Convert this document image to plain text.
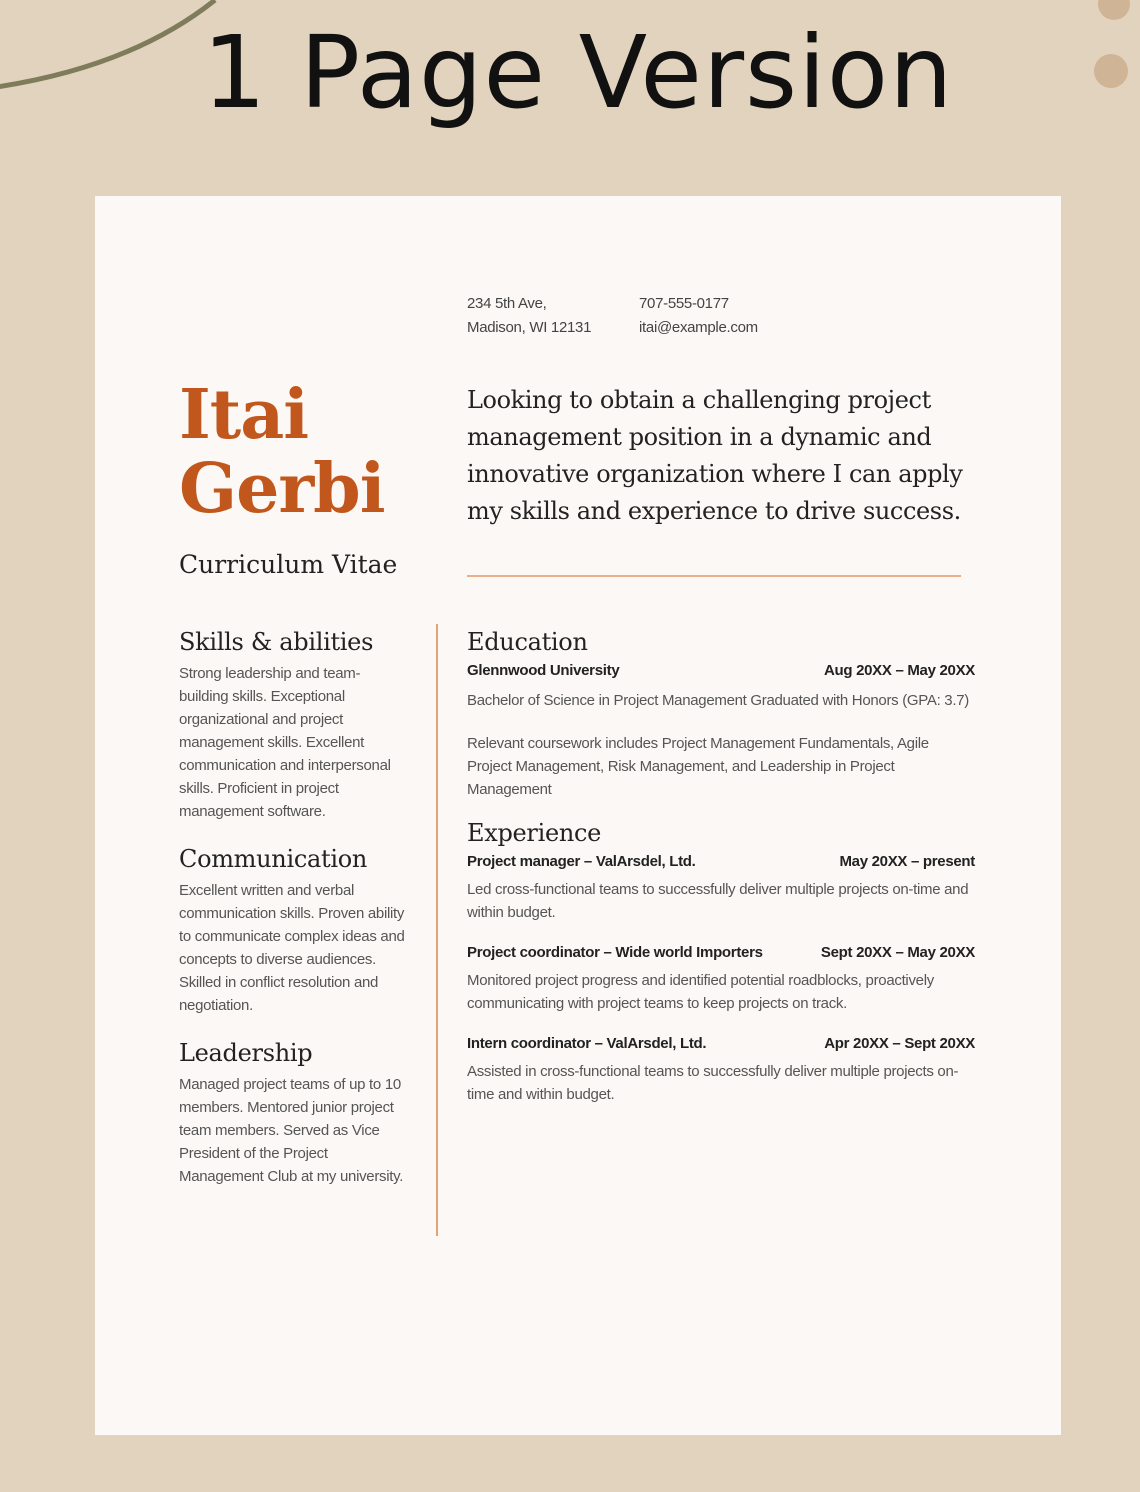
1 Page Version
234 5th Ave,
Madison, WI 12131
707-555-0177
itai@example.com
Itai
Gerbi
Curriculum Vitae
Looking to obtain a challenging project management position in a dynamic and innovative organization where I can apply my skills and experience to drive success.
Skills & abilities
Strong leadership and team-building skills. Exceptional organizational and project management skills. Excellent communication and interpersonal skills. Proficient in project management software.
Communication
Excellent written and verbal communication skills. Proven ability to communicate complex ideas and concepts to diverse audiences. Skilled in conflict resolution and negotiation.
Leadership
Managed project teams of up to 10 members. Mentored junior project team members. Served as Vice President of the Project Management Club at my university.
Education
Glennwood University	Aug 20XX – May 20XX
Bachelor of Science in Project Management Graduated with Honors (GPA: 3.7)
Relevant coursework includes Project Management Fundamentals, Agile Project Management, Risk Management, and Leadership in Project Management
Experience
Project manager – ValArsdel, Ltd.	May 20XX – present
Led cross-functional teams to successfully deliver multiple projects on-time and within budget.
Project coordinator – Wide world Importers	Sept 20XX – May 20XX
Monitored project progress and identified potential roadblocks, proactively communicating with project teams to keep projects on track.
Intern coordinator – ValArsdel, Ltd.	Apr 20XX – Sept 20XX
Assisted in cross-functional teams to successfully deliver multiple projects on-time and within budget.
